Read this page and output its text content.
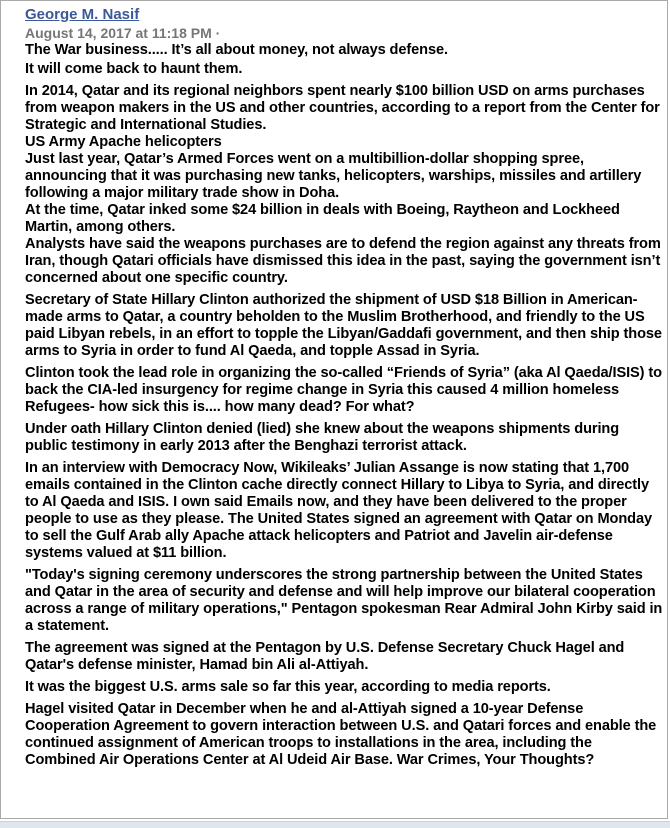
George M. Nasif
August 14, 2017 at 11:18 PM ·

The War business..... It’s all about money, not always defense.

It will come back to haunt them.

In 2014, Qatar and its regional neighbors spent nearly $100 billion USD on arms purchases from weapon makers in the US and other countries, according to a report from the Center for Strategic and International Studies.
US Army Apache helicopters
Just last year, Qatar’s Armed Forces went on a multibillion-dollar shopping spree, announcing that it was purchasing new tanks, helicopters, warships, missiles and artillery following a major military trade show in Doha.
At the time, Qatar inked some $24 billion in deals with Boeing, Raytheon and Lockheed Martin, among others.
Analysts have said the weapons purchases are to defend the region against any threats from Iran, though Qatari officials have dismissed this idea in the past, saying the government isn’t concerned about one specific country.

Secretary of State Hillary Clinton authorized the shipment of USD $18 Billion in American-made arms to Qatar, a country beholden to the Muslim Brotherhood, and friendly to the US paid Libyan rebels, in an effort to topple the Libyan/Gaddafi government, and then ship those arms to Syria in order to fund Al Qaeda, and topple Assad in Syria.

Clinton took the lead role in organizing the so-called “Friends of Syria” (aka Al Qaeda/ISIS) to back the CIA-led insurgency for regime change in Syria this caused 4 million homeless Refugees- how sick this is.... how many dead? For what?

Under oath Hillary Clinton denied (lied) she knew about the weapons shipments during public testimony in early 2013 after the Benghazi terrorist attack.

In an interview with Democracy Now, Wikileaks’ Julian Assange is now stating that 1,700 emails contained in the Clinton cache directly connect Hillary to Libya to Syria, and directly to Al Qaeda and ISIS. I own said Emails now, and they have been delivered to the proper people to use as they please. The United States signed an agreement with Qatar on Monday to sell the Gulf Arab ally Apache attack helicopters and Patriot and Javelin air-defense systems valued at $11 billion.

"Today's signing ceremony underscores the strong partnership between the United States and Qatar in the area of security and defense and will help improve our bilateral cooperation across a range of military operations," Pentagon spokesman Rear Admiral John Kirby said in a statement.

The agreement was signed at the Pentagon by U.S. Defense Secretary Chuck Hagel and Qatar's defense minister, Hamad bin Ali al-Attiyah.

It was the biggest U.S. arms sale so far this year, according to media reports.

Hagel visited Qatar in December when he and al-Attiyah signed a 10-year Defense Cooperation Agreement to govern interaction between U.S. and Qatari forces and enable the continued assignment of American troops to installations in the area, including the Combined Air Operations Center at Al Udeid Air Base. War Crimes, Your Thoughts?
